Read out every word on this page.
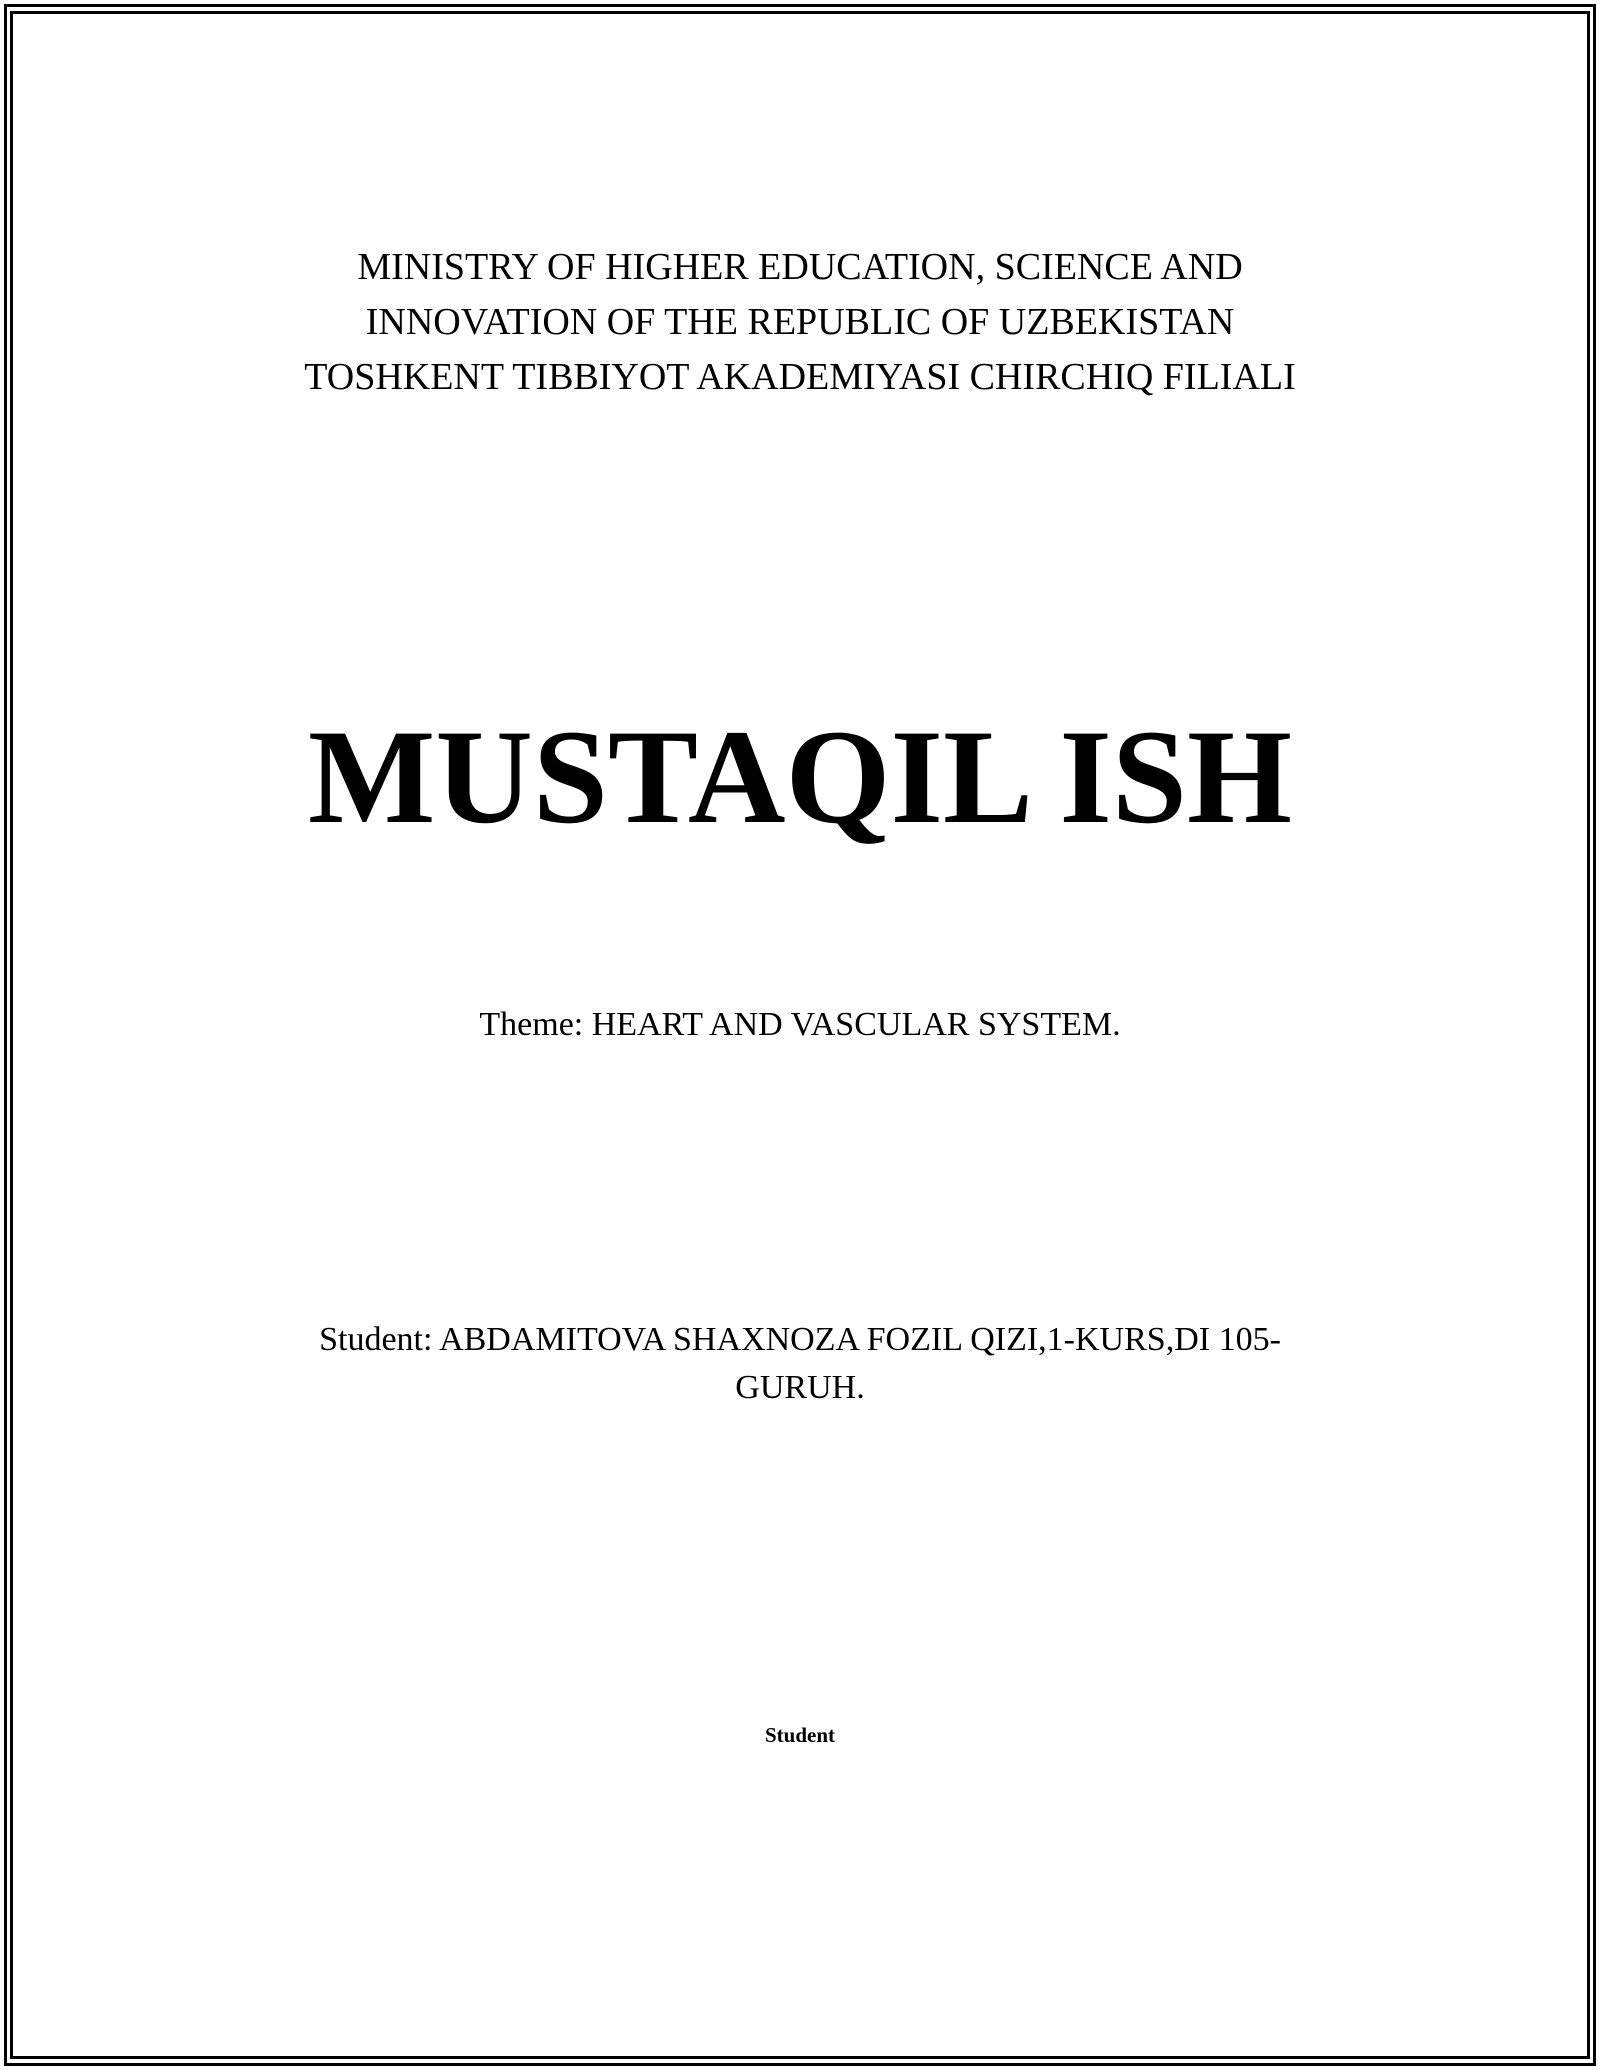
MINISTRY OF HIGHER EDUCATION, SCIENCE AND
INNOVATION OF THE REPUBLIC OF UZBEKISTAN
TOSHKENT TIBBIYOT AKADEMIYASI CHIRCHIQ FILIALI
MUSTAQIL ISH
Theme: HEART AND VASCULAR SYSTEM.
Student: ABDAMITOVA SHAXNOZA FOZIL QIZI,1-KURS,DI 105-
GURUH.
Student
